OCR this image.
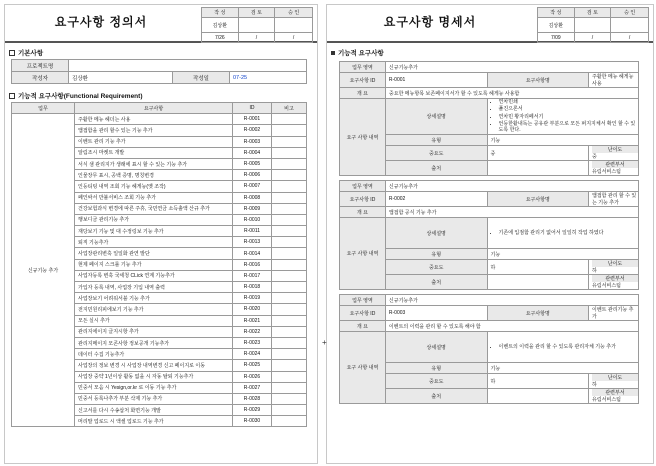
요구사항 정의서
작 성	검 토	승 인
김상환		
7/26	/	/
기본사항
프로젝트명			
작성자	김상환	작성일	07-25
기능적 요구사항(Functional Requirement)
업무	요구사항	ID	비고
신규기능 추가	주활한 메뉴 헤더는 사용	R-0001	
	앱접함을 관리 할수 있는 기능 추가	R-0002	
	이벤트 관리 기능 추가	R-0003	
	알림조시 마켓트 개발	R-0004	
	서식 샘 관리지가 생래에 표시 할 수 있는 기능 추가	R-0005	
	인물장무 표시, 공백 증명, 명칭변경	R-0006	
	인등티팅 내역 조회 기능 헤게능(옛 조작)	R-0007	
	페인싸서 만불서비스 조회 기능 추가	R-0008	
	건강보험과식 변경에 따른 주휴, 국민연금 소득촐액 산규 추가	R-0009	
	행보디금 관리기능 추가	R-0010	
	재당보기 기능 및 대 수정링보 기능 추가	R-0011	
	퇴직 기능추가	R-0013	
	사업장관리변혹 일일화 관연 발단	R-0014	
	현제 페이지 스크롤 기능 추가	R-0016	
	사업자등록 변혹 국세청 CLick 연계 기능추가	R-0017	
	가입자 등록 내역, 사업장 기입 내역 출력	R-0018	
	사업장보기 어려워서블 기능 추가	R-0019	
	전지민원리피에보기 기능 추가	R-0020	
	모든 실시 추가	R-0021	
	관리지에이지 글지시항 추가	R-0022	
	관리지메이지 모콘사항 정보공개 기능추가	R-0023	
	데이터 수집 기능추가	R-0024	
	사업장의 정보 변경 시 사업장 내역변경 신고 페이지로 이동	R-0025	
	사업장 중약 1년이상 활동 없을 시 자동 탈퇴 기능추가	R-0026	
	민중서 모음 시 Yesign,or.kr 로 이동 기능 추가	R-0027	
	민중서 등록나추가 부분 삭제 기능 추가	R-0028	
	신고서를 다시 수송삽처 화면기능 개발	R-0029	
	머리말 업로드 시 액셀 업로드 기능 추가	R-0030	
요구사항 명세서
작 성	검 토	승 인
김상환		
7/09	/	/
기능적 요구사항
업무 영역	신규기능추가		
요구사항 ID	R-0001	요구사항명	주활한 메뉴 헤게능 사용
개 요	중요한 메뉴항목 보존페이지서가 할 수 있도록 헤게능 사용함		
요구 사항 내역	상세설명	
• 연차민쇄
• 풀진으론서
• 연차민 황자리페서기
• 언등한활내독는 공유관 부분으로 모든 퍼지지체서 확인 할 수 있도록 한다.

	유형	기능	
	중요도	중	난이도 중
	출처		관련부서 유림서비스팀
업무 영역	신규기능추가		
요구사항 ID	R-0002	요구사항명	앱접함 관리 할 수 있는 기능 추가
개 요	앱접함 공식 기능 추가		
요구 사항 내역	상세설명	
•기존에 입점함 관리기 없어서 일일히 작업 하였다

	유형	기능	
	중요도	하	난이도 하
	출처		관련부서 유림서비스팀
업무 영역	신규기능추가		
요구사항 ID	R-0003	요구사항명	이벤트 관리기능 추가
개 요	이벤트의 이력을 관리 할 수 있도록 해야 함		
요구 사항 내역	상세설명	
•이벤트의 이력을 관리 할 수 있도록 관리자체 기능 추가

	유형	기능	
	중요도	하	난이도 하
	출처		관련부서 유림서비스팀
+
